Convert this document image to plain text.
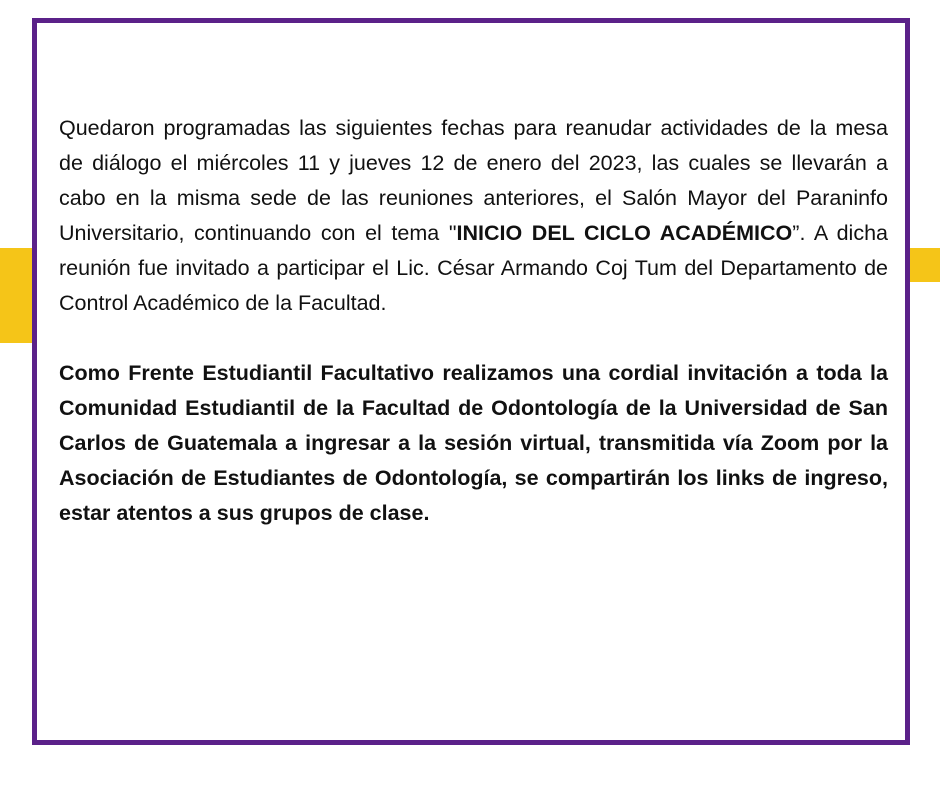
Quedaron programadas las siguientes fechas para reanudar actividades de la mesa de diálogo el miércoles 11 y jueves 12 de enero del 2023, las cuales se llevarán a cabo en la misma sede de las reuniones anteriores, el Salón Mayor del Paraninfo Universitario, continuando con el tema "INICIO DEL CICLO ACADÉMICO”. A dicha reunión fue invitado a participar el Lic. César Armando Coj Tum del Departamento de Control Académico de la Facultad.

Como Frente Estudiantil Facultativo realizamos una cordial invitación a toda la Comunidad Estudiantil de la Facultad de Odontología de la Universidad de San Carlos de Guatemala a ingresar a la sesión virtual, transmitida vía Zoom por la Asociación de Estudiantes de Odontología, se compartirán los links de ingreso, estar atentos a sus grupos de clase.
